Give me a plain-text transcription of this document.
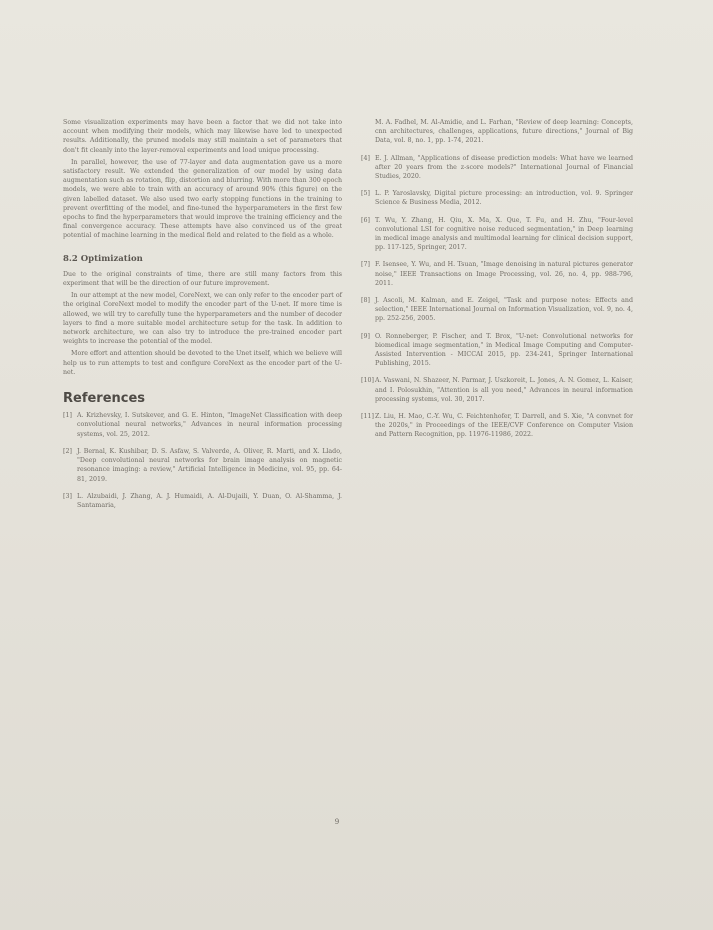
Some visualization experiments may have been a factor that we did not take into account when modifying their models, which may likewise have led to unexpected results. Additionally, the pruned models may still maintain a set of parameters that don't fit cleanly into the layer-removal experiments and load unique processing.

In parallel, however, the use of 77-layer and data augmentation gave us a more satisfactory result. We extended the generalization of our model by using data augmentation such as rotation, flip, distortion and blurring. With more than 300 epoch models, we were able to train with an accuracy of around 90% (this figure) on the given labelled dataset. We also used two early stopping functions in the training to prevent overfitting of the model, and fine-tuned the hyperparameters in the first few epochs to find the hyperparameters that would improve the training efficiency and the final convergence accuracy. These attempts have also convinced us of the great potential of machine learning in the medical field and related to the field as a whole.

8.2 Optimization

Due to the original constraints of time, there are still many factors from this experiment that will be the direction of our future improvement.

In our attempt at the new model, CoreNext, we can only refer to the encoder part of the original CoreNext model to modify the encoder part of the U-net. If more time is allowed, we will try to carefully tune the hyperparameters and the number of decoder layers to find a more suitable model architecture setup for the task. In addition to network architecture, we can also try to introduce the pre-trained encoder part weights to increase the potential of the model.

More effort and attention should be devoted to the Unet itself, which we believe will help us to run attempts to test and configure CoreNext as the encoder part of the U-net.

References
[1] A. Krizhevsky, I. Sutskever, and G. E. Hinton, "ImageNet Classification with deep convolutional neural networks," Advances in neural information processing systems, vol. 25, 2012.
[2] J. Bernal, K. Kushibar, D. S. Asfaw, S. Valverde, A. Oliver, R. Marti, and X. Llado, "Deep convolutional neural networks for brain image analysis on magnetic resonance imaging: a review," Artificial Intelligence in Medicine, vol. 95, pp. 64-81, 2019.
[3] L. Alzubaidi, J. Zhang, A. J. Humaidi, A. Al-Dujaili, Y. Duan, O. Al-Shamma, J. Santamaria,
M. A. Fadhel, M. Al-Amidie, and L. Farhan, "Review of deep learning: Concepts, cnn architectures, challenges, applications, future directions," Journal of Big Data, vol. 8, no. 1, pp. 1-74, 2021.
[4] E. J. Allman, "Applications of disease prediction models: What have we learned after 20 years from the z-score models?" International Journal of Financial Studies, 2020.
[5] L. P. Yaroslavsky, Digital picture processing: an introduction, vol. 9. Springer Science & Business Media, 2012.
[6] T. Wu, Y. Zhang, H. Qiu, X. Ma, X. Que, T. Fu, and H. Zhu, "Four-level convolutional LSI for cognitive noise reduced segmentation," in Deep learning in medical image analysis and multimodal learning for clinical decision support, pp. 117-125, Springer, 2017.
[7] F. Isensee, Y. Wu, and H. Tsuan, "Image denoising in natural pictures generator noise," IEEE Transactions on Image Processing, vol. 26, no. 4, pp. 988-796, 2011.
[8] J. Ascoli, M. Kalman, and E. Zeigel, "Task and purpose notes: Effects and selection," IEEE International Journal on Information Visualization, vol. 9, no. 4, pp. 252-256, 2005.
[9] O. Ronneberger, P. Fischer, and T. Brox, "U-net: Convolutional networks for biomedical image segmentation," in Medical Image Computing and Computer-Assisted Intervention - MICCAI 2015, pp. 234-241, Springer International Publishing, 2015.
[10] A. Vaswani, N. Shazeer, N. Parmar, J. Uszkoreit, L. Jones, A. N. Gomez, L. Kaiser, and I. Polosukhin, "Attention is all you need," Advances in neural information processing systems, vol. 30, 2017.
[11] Z. Liu, H. Mao, C.-Y. Wu, C. Feichtenhofer, T. Darrell, and S. Xie, "A convnet for the 2020s," in Proceedings of the IEEE/CVF Conference on Computer Vision and Pattern Recognition, pp. 11976-11986, 2022.
9
